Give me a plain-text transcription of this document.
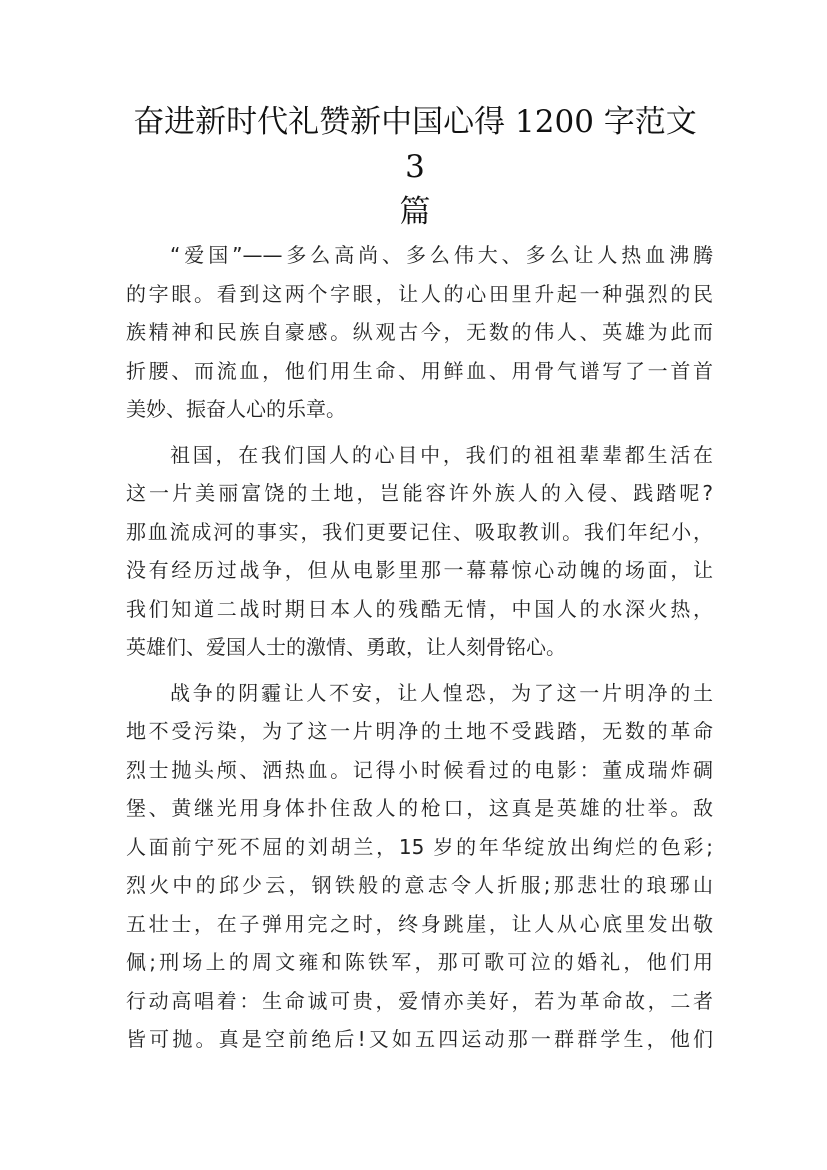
奋进新时代礼赞新中国心得 1200 字范文 3
篇
“爱国”——多么高尚、多么伟大、多么让人热血沸腾
的字眼。看到这两个字眼，让人的心田里升起一种强烈的民
族精神和民族自豪感。纵观古今，无数的伟人、英雄为此而
折腰、而流血，他们用生命、用鲜血、用骨气谱写了一首首
美妙、振奋人心的乐章。
祖国，在我们国人的心目中，我们的祖祖辈辈都生活在
这一片美丽富饶的土地，岂能容许外族人的入侵、践踏呢?
那血流成河的事实，我们更要记住、吸取教训。我们年纪小，
没有经历过战争，但从电影里那一幕幕惊心动魄的场面，让
我们知道二战时期日本人的残酷无情，中国人的水深火热，
英雄们、爱国人士的激情、勇敢，让人刻骨铭心。
战争的阴霾让人不安，让人惶恐，为了这一片明净的土
地不受污染，为了这一片明净的土地不受践踏，无数的革命
烈士抛头颅、洒热血。记得小时候看过的电影：董成瑞炸碉
堡、黄继光用身体扑住敌人的枪口，这真是英雄的壮举。敌
人面前宁死不屈的刘胡兰，15 岁的年华绽放出绚烂的色彩;
烈火中的邱少云，钢铁般的意志令人折服;那悲壮的琅琊山
五壮士，在子弹用完之时，终身跳崖，让人从心底里发出敬
佩;刑场上的周文雍和陈铁军，那可歌可泣的婚礼，他们用
行动高唱着：生命诚可贵，爱情亦美好，若为革命故，二者
皆可抛。真是空前绝后!又如五四运动那一群群学生，他们
